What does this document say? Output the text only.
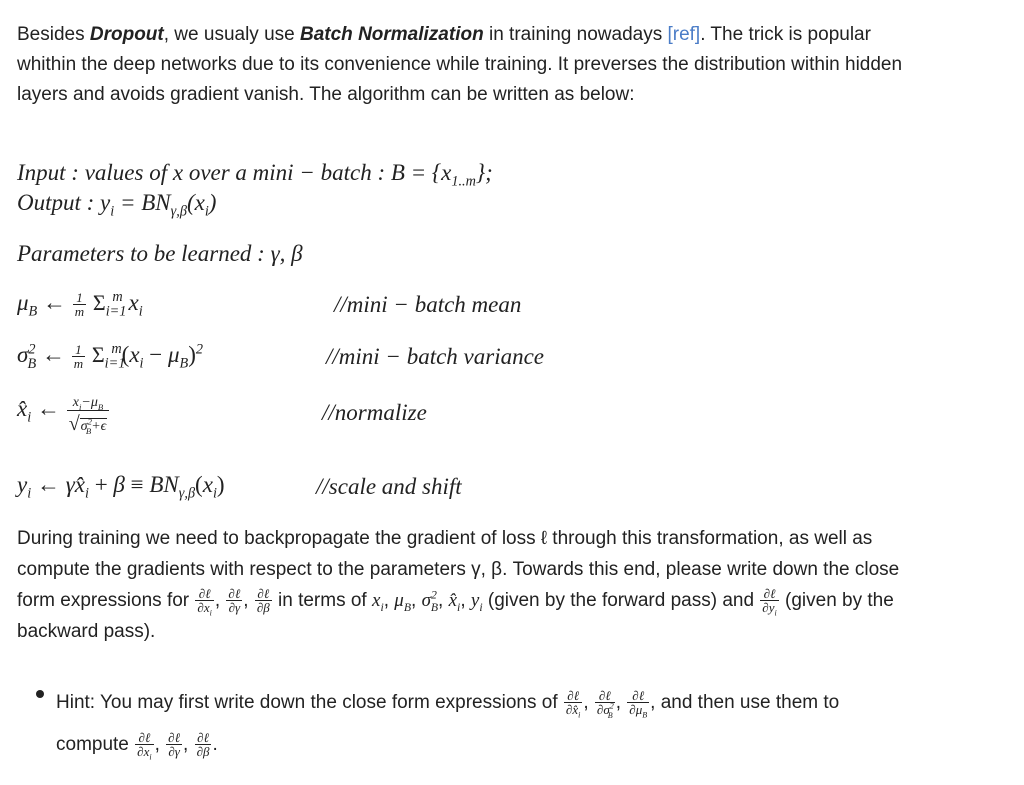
Besides Dropout, we usualy use Batch Normalization in training nowadays [ref]. The trick is popular whithin the deep networks due to its convenience while training. It preverses the distribution within hidden layers and avoids gradient vanish. The algorithm can be written as below:

Input : values of x over a mini − batch : $B = \{x_{1..m}\}$;
Output : $y_i = BN_{\gamma,\beta}(x_i)$
Parameters to be learned : γ, β
$\mu_B$ ← $\frac{1}{m} \Sigma_{i=1}^m$ $x_i$	//mini − batch mean
$\sigma^2_B$ ← $\frac{1}{m} \Sigma_{i=1}^m(x_i - \mu_B)^2$	//mini − batch variance
$x̂_i$ ← $\frac{x_i-\mu_B}{√\sigma^2_B+\epsilon}$	//normalize
$y_i$ ← $\gamma x̂_i + \beta \equiv BN_{\gamma,\beta}(x_i)$	//scale and shift

During training we need to backpropagate the gradient of loss ℓ through this transformation, as well as compute the gradients with respect to the parameters γ, β. Towards this end, please write down the close form expressions for $\frac{\text{∂ℓ}}{\partial x_i}$ , $\frac{\text{∂ℓ}}{\partial\gamma}$ , $\frac{\text{∂ℓ}}{\partial\beta}$ in terms of $x_i$, $\mu_B$, $\sigma^2_B$, $x̂_i$, $y_i$ (given by the forward pass) and $\frac{\text{∂ℓ}}{\partial y_i}$ (given by the backward pass).

Hint: You may first write down the close form expressions of $\frac{\text{∂ℓ}}{\partial x̂_i}$ , $\frac{\text{∂ℓ}}{\partial\sigma^2_B}$ , $\frac{\text{∂ℓ}}{\partial\mu_B}$ , and then use them to compute $\frac{\text{∂ℓ}}{\partial x_i}$ , $\frac{\text{∂ℓ}}{\partial\gamma}$ , $\frac{\text{∂ℓ}}{\partial\beta}$ .
